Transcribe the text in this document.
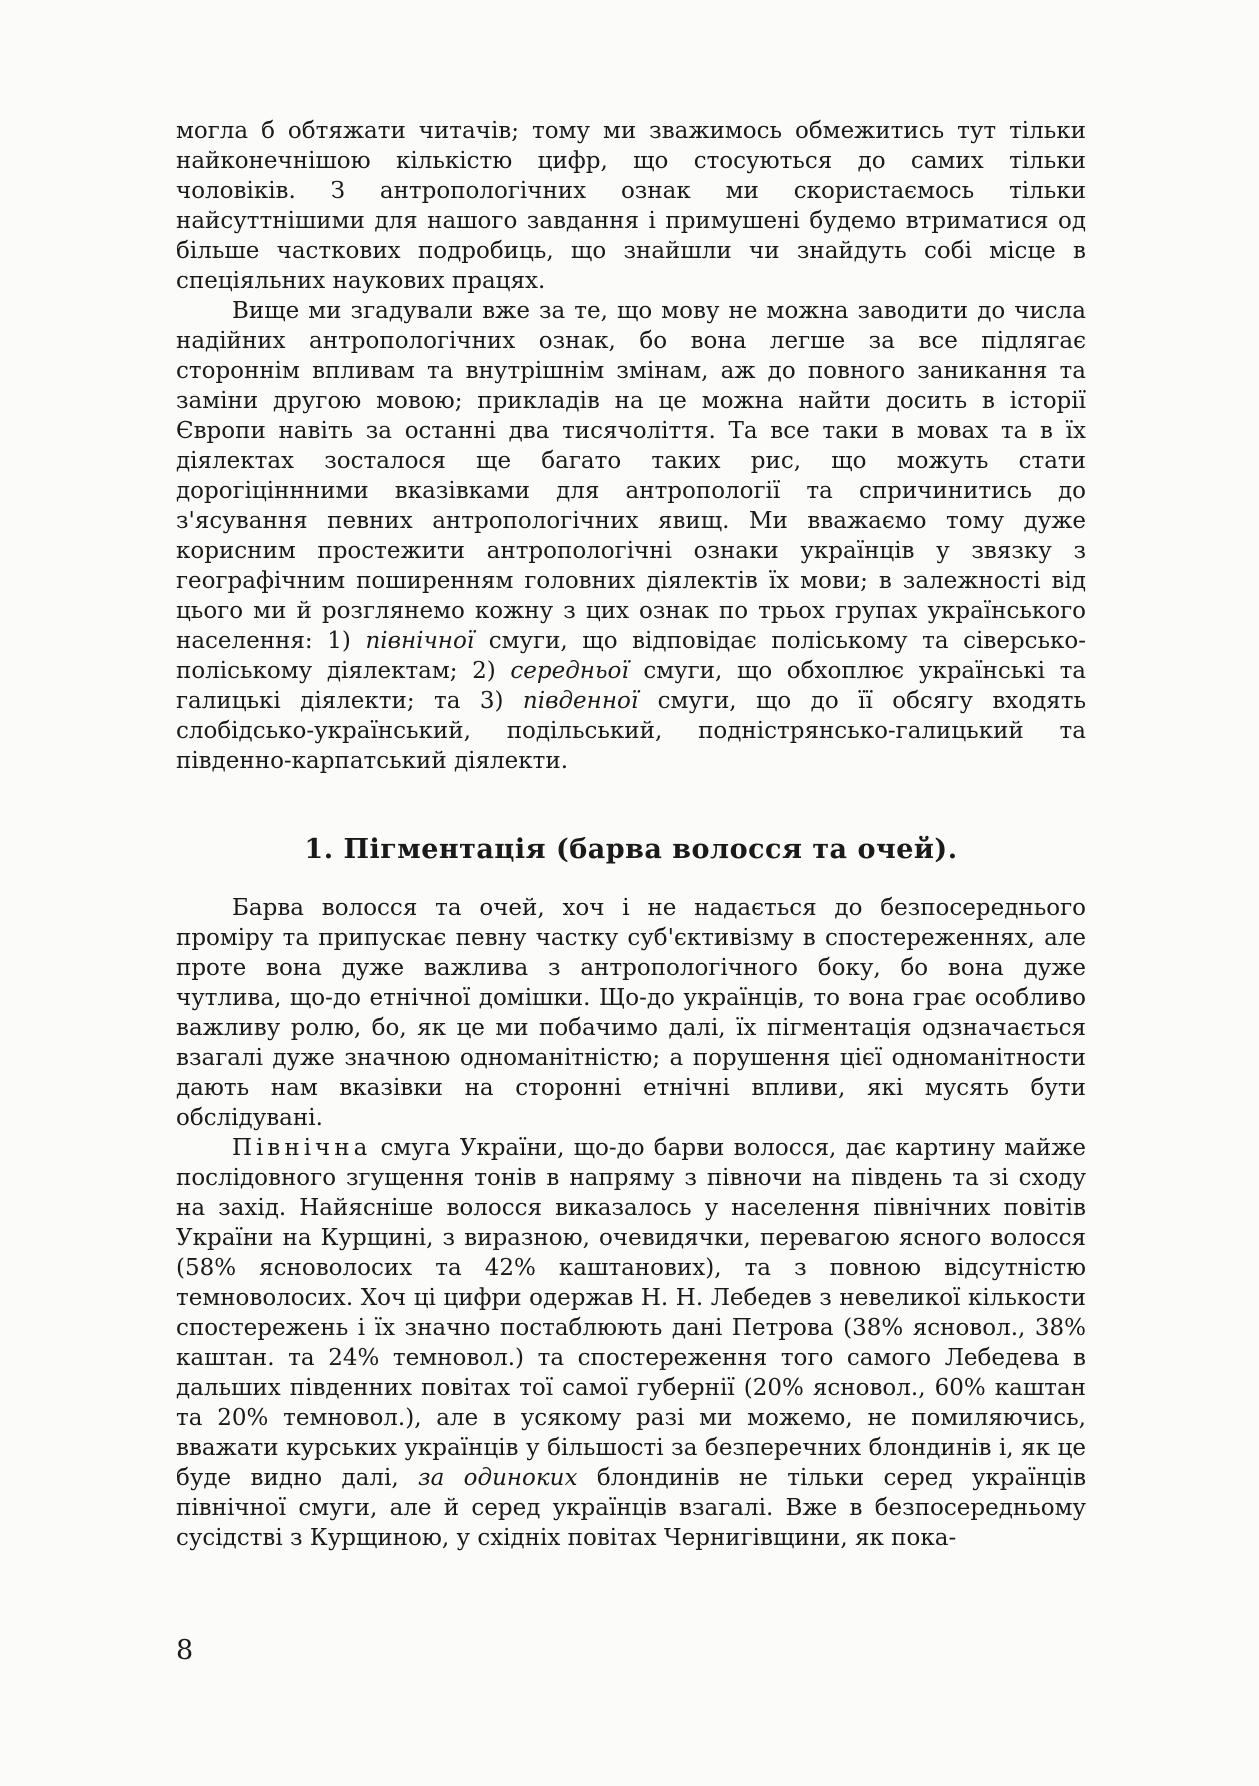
могла б обтяжати читачів; тому ми зважимось обмежитись тут тільки найконечнішою кількістю цифр, що стосуються до самих тільки чоловіків. З антропологічних ознак ми скористаємось тільки найсуттнішими для нашого завдання і примушені будемо втриматися од більше часткових подробиць, що знайшли чи знайдуть собі місце в спеціяльних наукових працях.

Вище ми згадували вже за те, що мову не можна заводити до числа надійних антропологічних ознак, бо вона легше за все підлягає стороннім впливам та внутрішнім змінам, аж до повного заникання та заміни другою мовою; прикладів на це можна найти досить в історії Європи навіть за останні два тисячоліття. Та все таки в мовах та в їх діялектах зосталося ще багато таких рис, що можуть стати дорогіціннними вказівками для антропології та спричинитись до з'ясування певних антропологічних явищ. Ми вважаємо тому дуже корисним простежити антропологічні ознаки українців у звязку з географічним поширенням головних діялектів їх мови; в залежності від цього ми й розглянемо кожну з цих ознак по трьох групах українського населення: 1) північної смуги, що відповідає поліському та сіверсько-поліському діялектам; 2) середньої смуги, що обхоплює українські та галицькі діялекти; та 3) південної смуги, що до її обсягу входять слобідсько-український, подільський, подністрянсько-галицький та південно-карпатський діялекти.

1. Пігментація (барва волосся та очей).

Барва волосся та очей, хоч і не надається до безпосереднього проміру та припускає певну частку суб'єктивізму в спостереженнях, але проте вона дуже важлива з антропологічного боку, бо вона дуже чутлива, що-до етнічної домішки. Що-до українців, то вона грає особливо важливу ролю, бо, як це ми побачимо далі, їх пігментація одзначається взагалі дуже значною одноманітністю; а порушення цієї одноманітности дають нам вказівки на сторонні етнічні впливи, які мусять бути обслідувані.

Північна смуга України, що-до барви волосся, дає картину майже послідовного згущення тонів в напряму з півночи на південь та зі сходу на захід. Найясніше волосся виказалось у населення північних повітів України на Курщині, з виразною, очевидячки, перевагою ясного волосся (58% ясноволосих та 42% каштанових), та з повною відсутністю темноволосих. Хоч ці цифри одержав Н. Н. Лебедев з невеликої кількости спостережень і їх значно постаблюють дані Петрова (38% ясновол., 38% каштан. та 24% темновол.) та спостереження того самого Лебедева в дальших південних повітах тої самої губернії (20% ясновол., 60% каштан та 20% темновол.), але в усякому разі ми можемо, не помиляючись, вважати курських українців у більшості за безперечних блондинів і, як це буде видно далі, за одиноких блондинів не тільки серед українців північної смуги, але й серед українців взагалі. Вже в безпосередньому сусідстві з Курщиною, у східніх повітах Чернигівщини, як пока-

8
